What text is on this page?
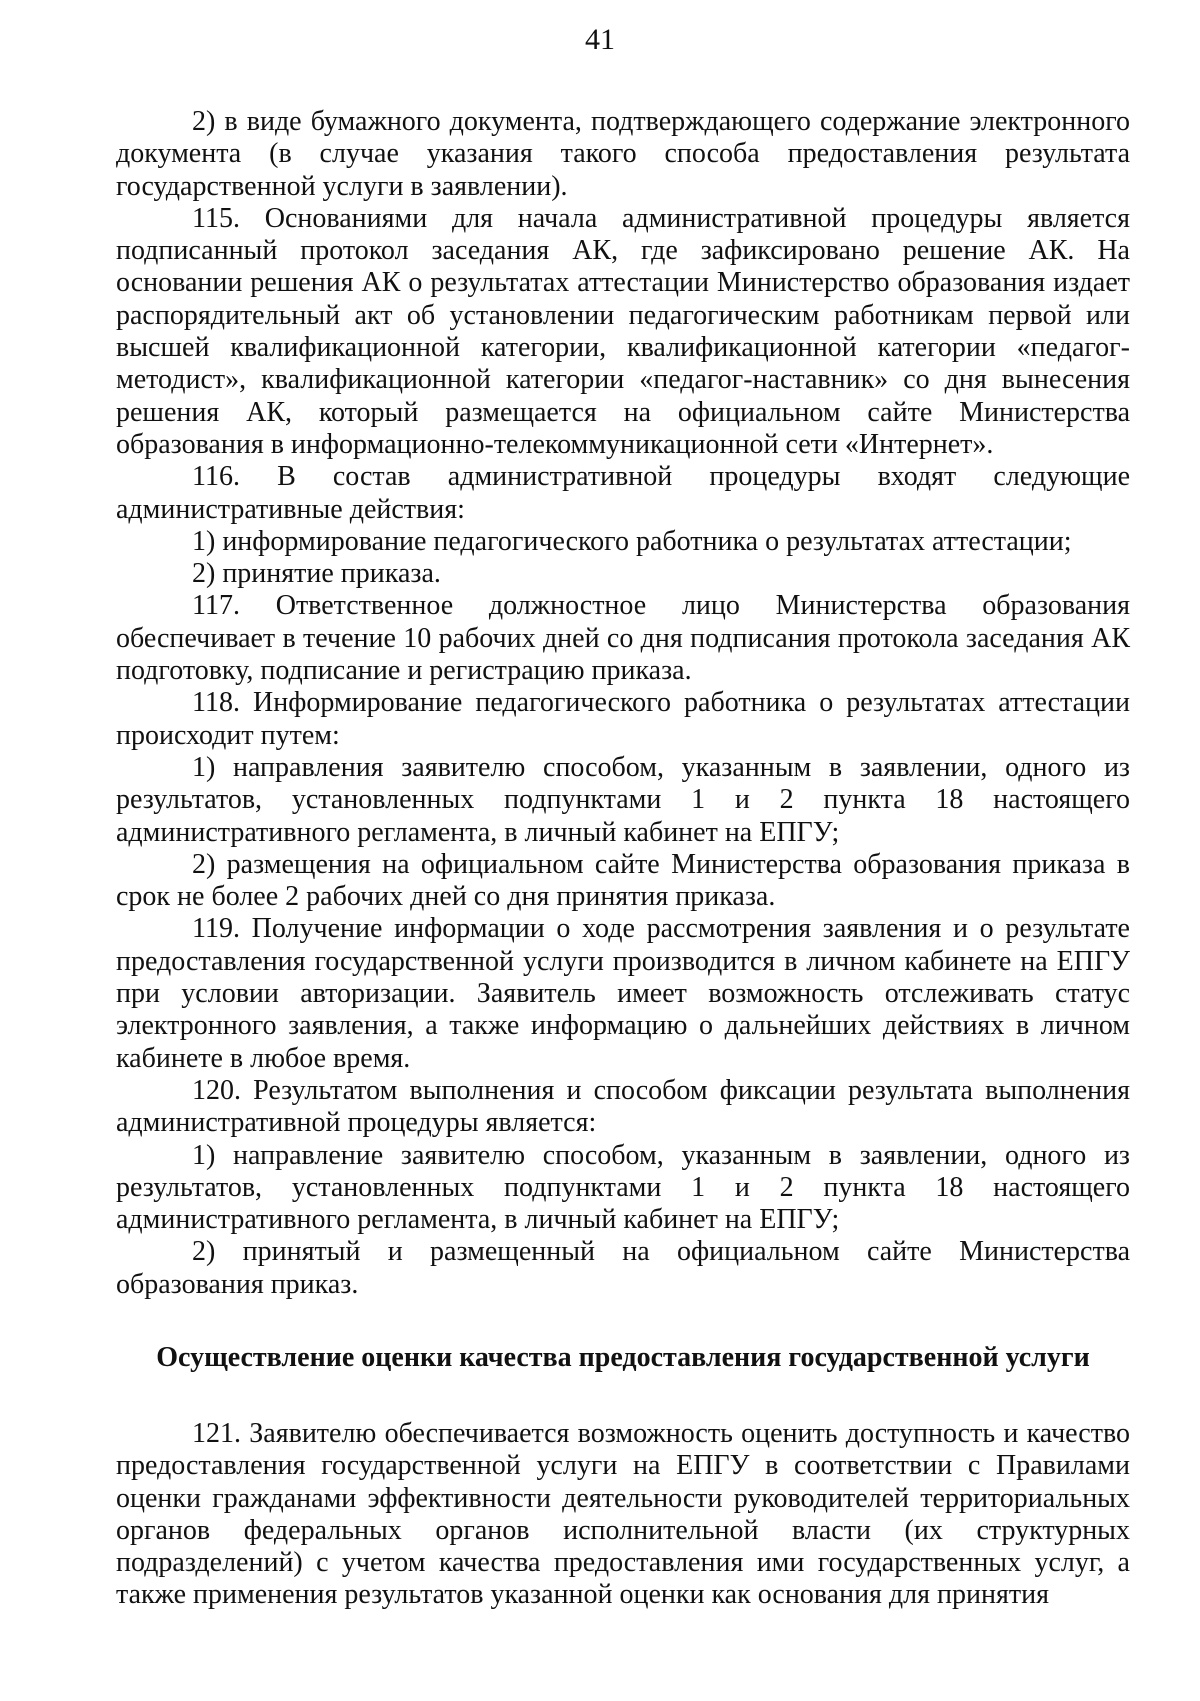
41

2) в виде бумажного документа, подтверждающего содержание электронного документа (в случае указания такого способа предоставления результата государственной услуги в заявлении).

115. Основаниями для начала административной процедуры является подписанный протокол заседания АК, где зафиксировано решение АК. На основании решения АК о результатах аттестации Министерство образования издает распорядительный акт об установлении педагогическим работникам первой или высшей квалификационной категории, квалификационной категории «педагог-методист», квалификационной категории «педагог-наставник» со дня вынесения решения АК, который размещается на официальном сайте Министерства образования в информационно-телекоммуникационной сети «Интернет».

116. В состав административной процедуры входят следующие административные действия:

1) информирование педагогического работника о результатах аттестации;

2) принятие приказа.

117. Ответственное должностное лицо Министерства образования обеспечивает в течение 10 рабочих дней со дня подписания протокола заседания АК подготовку, подписание и регистрацию приказа.

118. Информирование педагогического работника о результатах аттестации происходит путем:

1) направления заявителю способом, указанным в заявлении, одного из результатов, установленных подпунктами 1 и 2 пункта 18 настоящего административного регламента, в личный кабинет на ЕПГУ;

2) размещения на официальном сайте Министерства образования приказа в срок не более 2 рабочих дней со дня принятия приказа.

119. Получение информации о ходе рассмотрения заявления и о результате предоставления государственной услуги производится в личном кабинете на ЕПГУ при условии авторизации. Заявитель имеет возможность отслеживать статус электронного заявления, а также информацию о дальнейших действиях в личном кабинете в любое время.

120. Результатом выполнения и способом фиксации результата выполнения административной процедуры является:

1) направление заявителю способом, указанным в заявлении, одного из результатов, установленных подпунктами 1 и 2 пункта 18 настоящего административного регламента, в личный кабинет на ЕПГУ;

2) принятый и размещенный на официальном сайте Министерства образования приказ.

Осуществление оценки качества предоставления государственной услуги

121. Заявителю обеспечивается возможность оценить доступность и качество предоставления государственной услуги на ЕПГУ в соответствии с Правилами оценки гражданами эффективности деятельности руководителей территориальных органов федеральных органов исполнительной власти (их структурных подразделений) с учетом качества предоставления ими государственных услуг, а также применения результатов указанной оценки как основания для принятия
